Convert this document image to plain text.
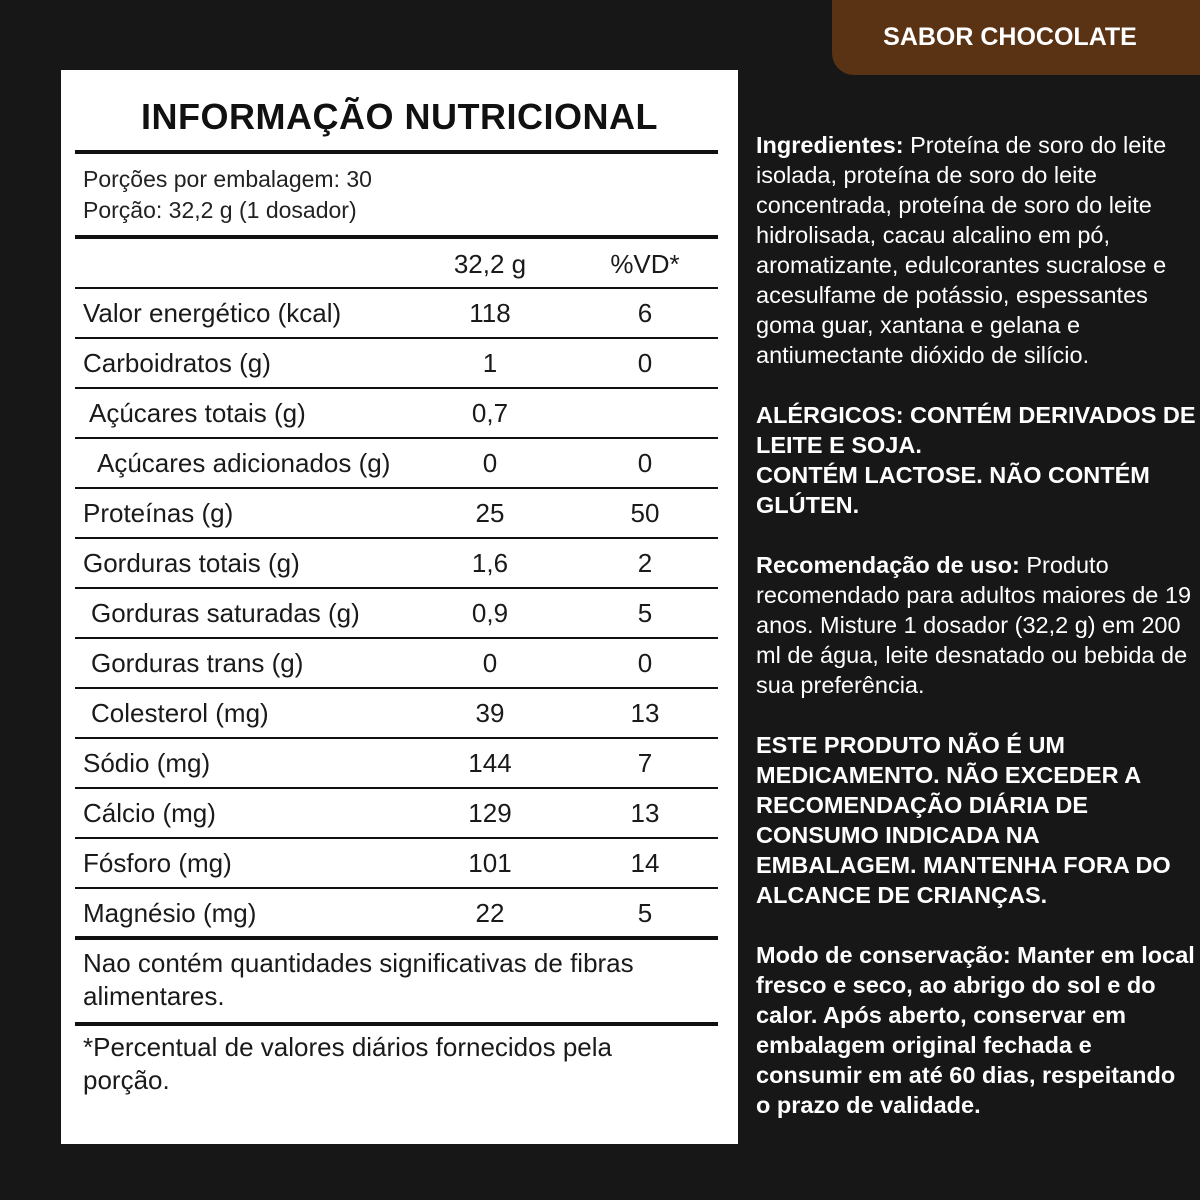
SABOR CHOCOLATE
INFORMAÇÃO NUTRICIONAL
Porções por embalagem: 30
Porção: 32,2 g (1 dosador)
32,2 g	%VD*
Valor energético (kcal)	118	6
Carboidratos (g)	1	0
Açúcares totais (g)	0,7
Açúcares adicionados (g)	0	0
Proteínas (g)	25	50
Gorduras totais (g)	1,6	2
Gorduras saturadas (g)	0,9	5
Gorduras trans (g)	0	0
Colesterol (mg)	39	13
Sódio (mg)	144	7
Cálcio (mg)	129	13
Fósforo (mg)	101	14
Magnésio (mg)	22	5
Nao contém quantidades significativas de fibras alimentares.
*Percentual de valores diários fornecidos pela porção.

Ingredientes: Proteína de soro do leite isolada, proteína de soro do leite concentrada, proteína de soro do leite hidrolisada, cacau alcalino em pó, aromatizante, edulcorantes sucralose e acesulfame de potássio, espessantes goma guar, xantana e gelana e antiumectante dióxido de silício.

ALÉRGICOS: CONTÉM DERIVADOS DE LEITE E SOJA.
CONTÉM LACTOSE. NÃO CONTÉM GLÚTEN.

Recomendação de uso: Produto recomendado para adultos maiores de 19 anos. Misture 1 dosador (32,2 g) em 200 ml de água, leite desnatado ou bebida de sua preferência.

ESTE PRODUTO NÃO É UM MEDICAMENTO. NÃO EXCEDER A RECOMENDAÇÃO DIÁRIA DE CONSUMO INDICADA NA EMBALAGEM. MANTENHA FORA DO ALCANCE DE CRIANÇAS.

Modo de conservação: Manter em local fresco e seco, ao abrigo do sol e do calor. Após aberto, conservar em embalagem original fechada e consumir em até 60 dias, respeitando o prazo de validade.
